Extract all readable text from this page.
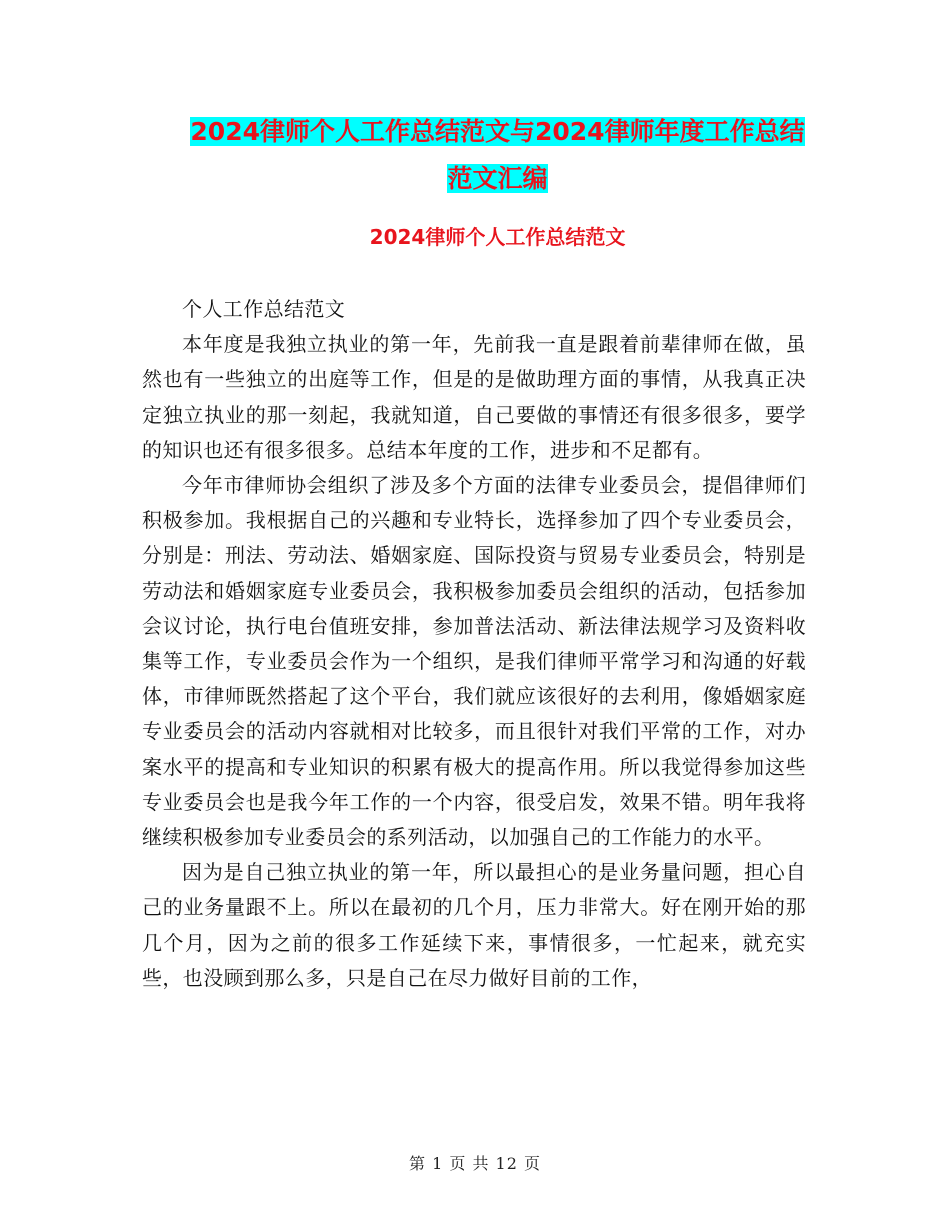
2024律师个人工作总结范文与2024律师年度工作总结
范文汇编
2024律师个人工作总结范文

个人工作总结范文

本年度是我独立执业的第一年，先前我一直是跟着前辈律师在做，虽然也有一些独立的出庭等工作，但是的是做助理方面的事情，从我真正决定独立执业的那一刻起，我就知道，自己要做的事情还有很多很多，要学的知识也还有很多很多。总结本年度的工作，进步和不足都有。

今年市律师协会组织了涉及多个方面的法律专业委员会，提倡律师们积极参加。我根据自己的兴趣和专业特长，选择参加了四个专业委员会，分别是：刑法、劳动法、婚姻家庭、国际投资与贸易专业委员会，特别是劳动法和婚姻家庭专业委员会，我积极参加委员会组织的活动，包括参加会议讨论，执行电台值班安排，参加普法活动、新法律法规学习及资料收集等工作，专业委员会作为一个组织，是我们律师平常学习和沟通的好载体，市律师既然搭起了这个平台，我们就应该很好的去利用，像婚姻家庭专业委员会的活动内容就相对比较多，而且很针对我们平常的工作，对办案水平的提高和专业知识的积累有极大的提高作用。所以我觉得参加这些专业委员会也是我今年工作的一个内容，很受启发，效果不错。明年我将继续积极参加专业委员会的系列活动，以加强自己的工作能力的水平。

因为是自己独立执业的第一年，所以最担心的是业务量问题，担心自己的业务量跟不上。所以在最初的几个月，压力非常大。好在刚开始的那几个月，因为之前的很多工作延续下来，事情很多，一忙起来，就充实些，也没顾到那么多，只是自己在尽力做好目前的工作，

第 1 页 共 12 页
